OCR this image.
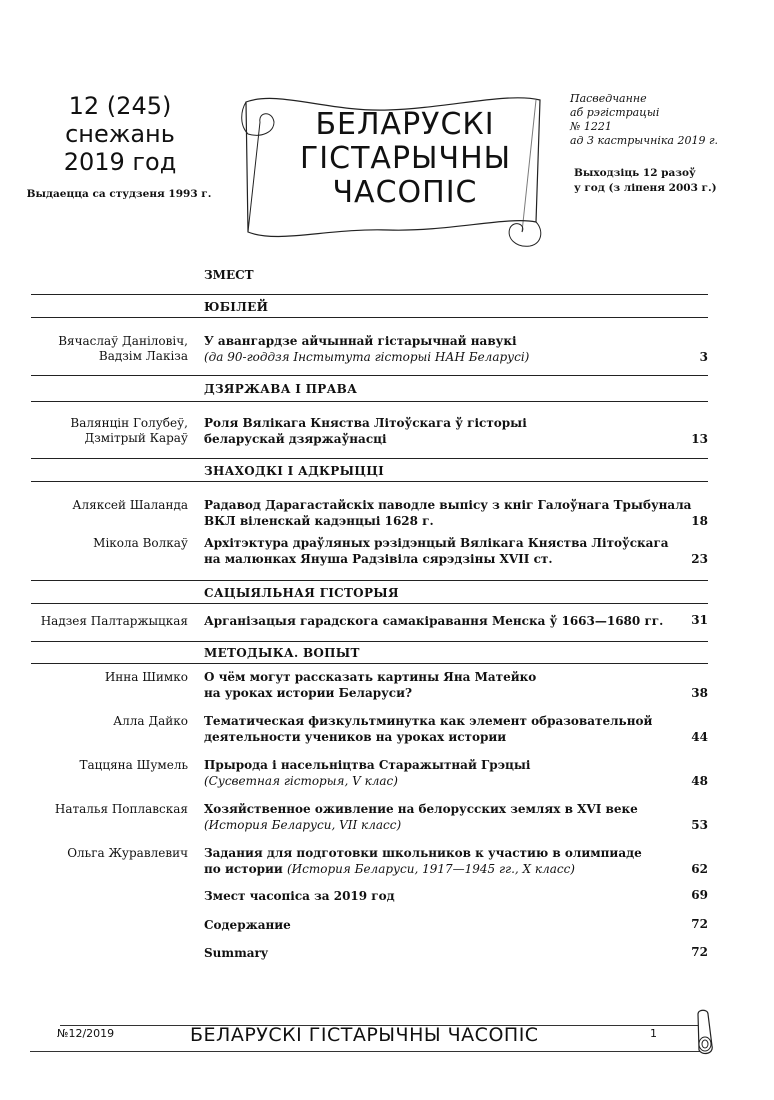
12 (245)
снежань
2019 год
Выдаецца са студзеня 1993 г.
БЕЛАРУСКІ
ГІСТАРЫЧНЫ
ЧАСОПІС
Пасведчанне
аб рэгістрацыі
№ 1221
ад 3 кастрычніка 2019 г.
Выходзіць 12 разоў
у год (з ліпеня 2003 г.)
ЗМЕСТ
ЮБІЛЕЙ
Вячаслаў Даніловіч,
Вадзім Лакіза
У авангардзе айчыннай гістарычнай навукі
(да 90-годдзя Інстытута гісторыі НАН Беларусі)	3
ДЗЯРЖАВА І ПРАВА
Валянцін Голубеў,
Дзмітрый Караў
Роля Вялікага Княства Літоўскага ў гісторыі
беларускай дзяржаўнасці	13
ЗНАХОДКІ І АДКРЫЦЦІ
Аляксей Шаланда Радавод Дарагастайскіх паводле выпісу з кніг Галоўнага Трыбунала
ВКЛ віленскай кадэнцыі 1628 г.	18
Мікола Волкаў Архітэктура драўляных рэзідэнцый Вялікага Княства Літоўскага
на малюнках Януша Радзівіла сярэдзіны XVII ст.	23
САЦЫЯЛЬНАЯ ГІСТОРЫЯ
Надзея Палтаржыцкая Арганізацыя гарадскога самакіравання Менска ў 1663—1680 гг.	31
МЕТОДЫКА. ВОПЫТ
Инна Шимко О чём могут рассказать картины Яна Матейко
на уроках истории Беларуси?	38
Алла Дайко Тематическая физкультминутка как элемент образовательной
деятельности учеников на уроках истории	44
Таццяна Шумель Прырода і насельніцтва Старажытнай Грэцыі
(Сусветная гісторыя, V клас)	48
Наталья Поплавская Хозяйственное оживление на белорусских землях в XVI веке
(История Беларуси, VII класс)	53
Ольга Журавлевич Задания для подготовки школьников к участию в олимпиаде
по истории (История Беларуси, 1917—1945 гг., X класс)	62
Змест часопіса за 2019 год	69
Содержание	72
Summary	72
№12/2019	БЕЛАРУСКІ ГІСТАРЫЧНЫ ЧАСОПІС	1
